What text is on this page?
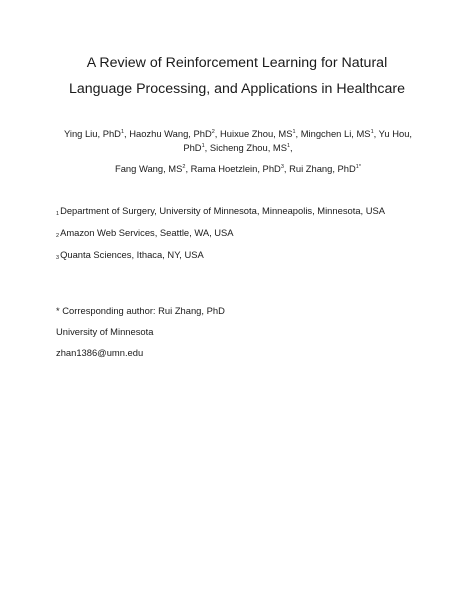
A Review of Reinforcement Learning for Natural
Language Processing, and Applications in Healthcare
Ying Liu, PhD$^1$, Haozhu Wang, PhD$^2$, Huixue Zhou, $MS^1$, Mingchen Li, $MS^1$, Yu Hou,
PhD$^1$, Sicheng Zhou, $MS^1$,
Fang Wang, $MS^2$, Rama Hoetzlein, PhD$^3$, Rui Zhang, PhD$^{1*}$
1Department of Surgery, University of Minnesota, Minneapolis, Minnesota, USA
2Amazon Web Services, Seattle, WA, USA
3Quanta Sciences, Ithaca, NY, USA
* Corresponding author: Rui Zhang, PhD
University of Minnesota
zhan1386@umn.edu
